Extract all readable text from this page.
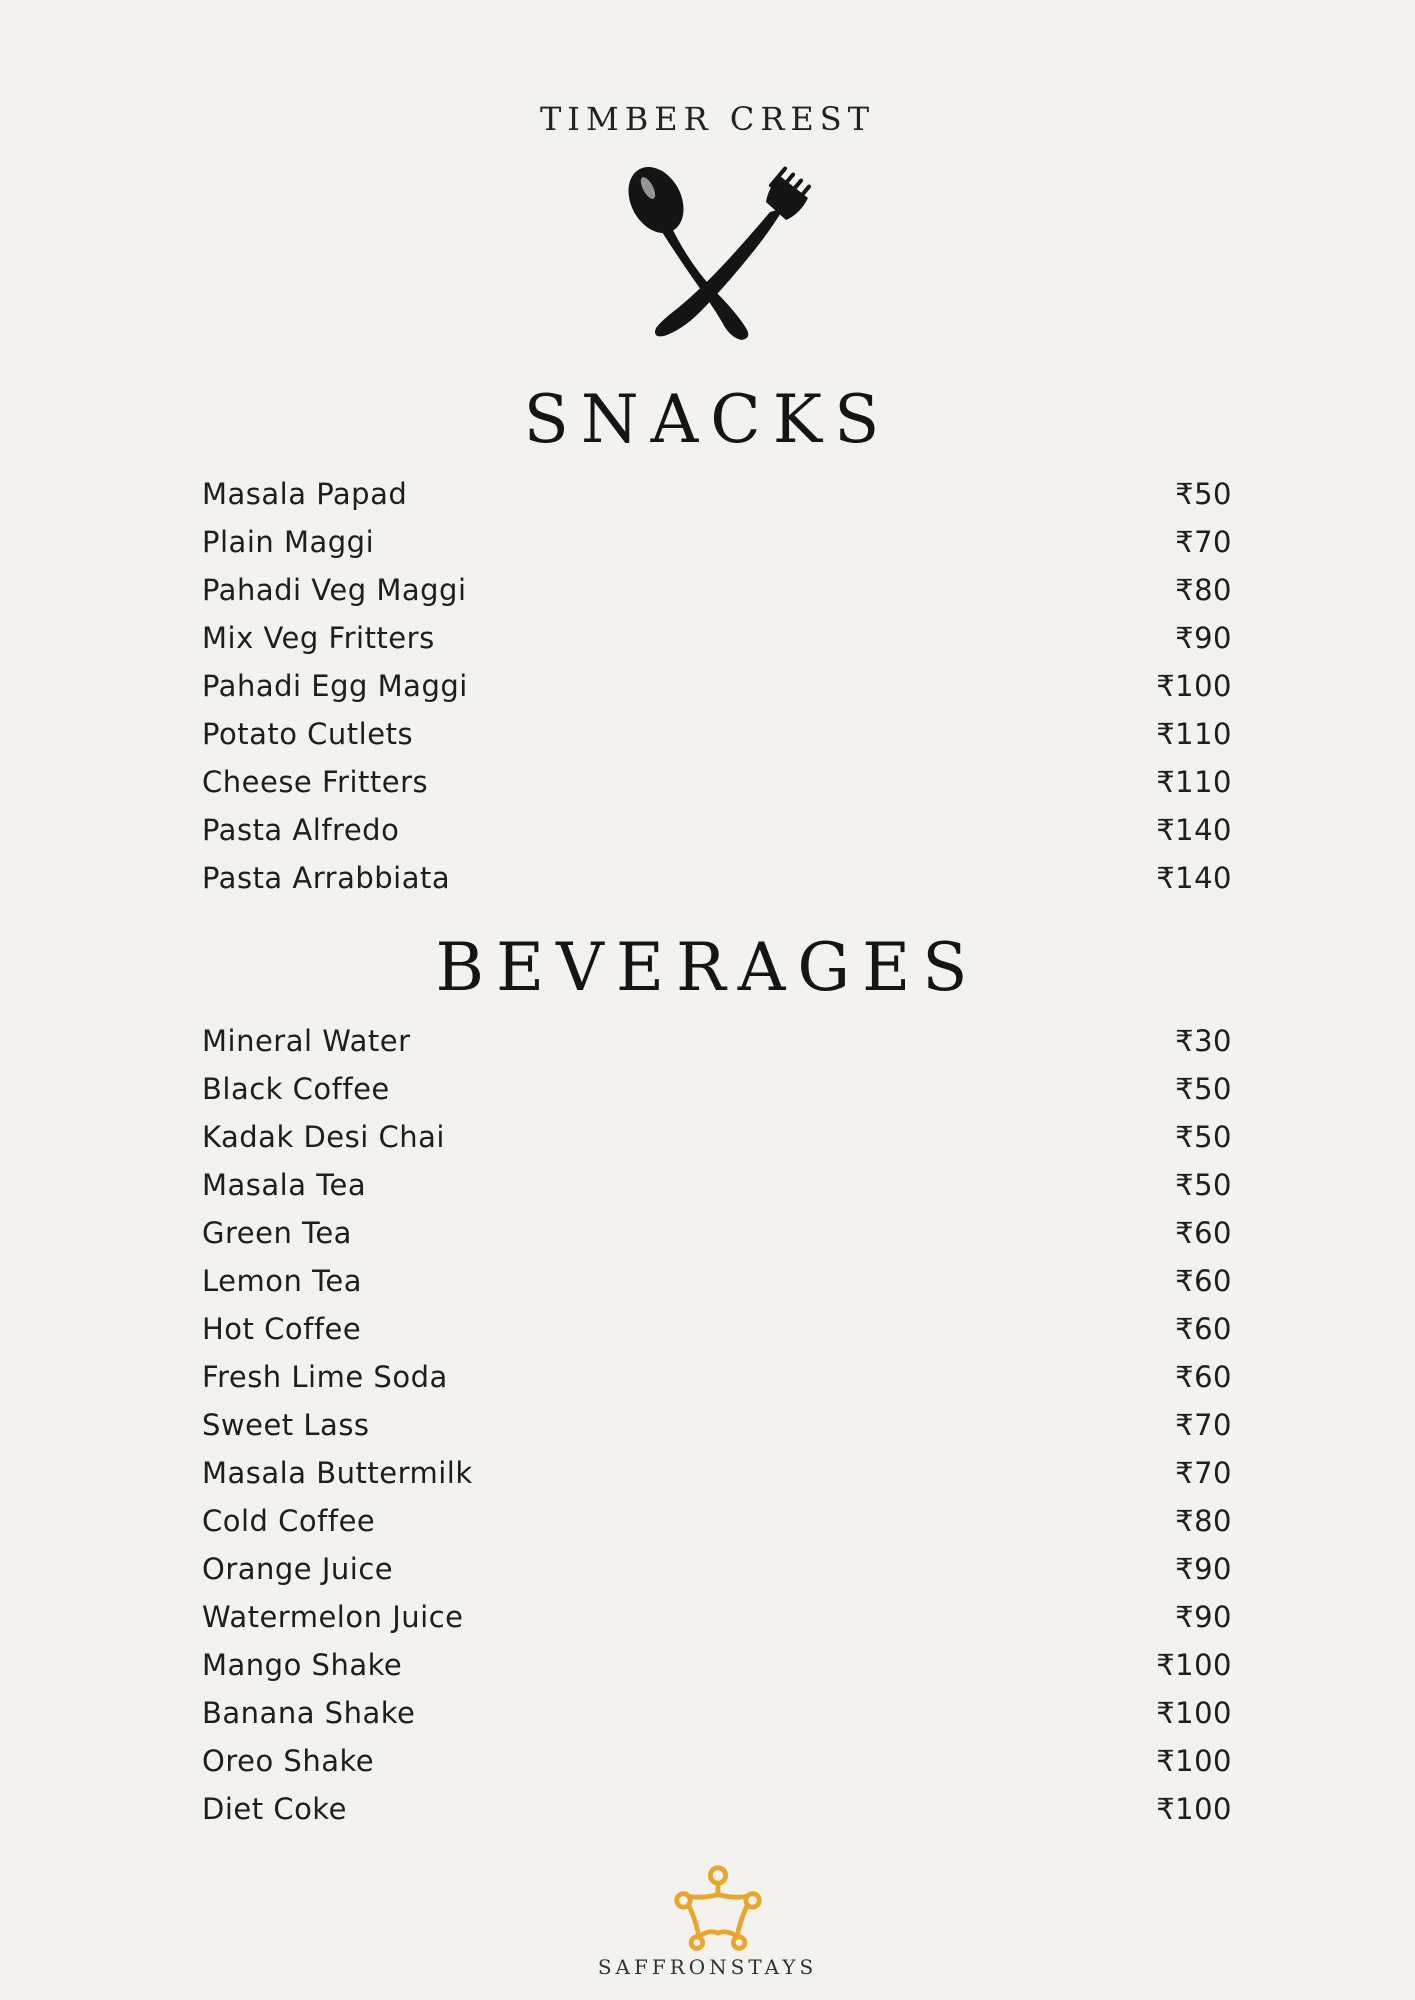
TIMBER CREST
SNACKS
Masala Papad	₹50
Plain Maggi	₹70
Pahadi Veg Maggi	₹80
Mix Veg Fritters	₹90
Pahadi Egg Maggi	₹100
Potato Cutlets	₹110
Cheese Fritters	₹110
Pasta Alfredo	₹140
Pasta Arrabbiata	₹140
BEVERAGES
Mineral Water	₹30
Black Coffee	₹50
Kadak Desi Chai	₹50
Masala Tea	₹50
Green Tea	₹60
Lemon Tea	₹60
Hot Coffee	₹60
Fresh Lime Soda	₹60
Sweet Lass	₹70
Masala Buttermilk	₹70
Cold Coffee	₹80
Orange Juice	₹90
Watermelon Juice	₹90
Mango Shake	₹100
Banana Shake	₹100
Oreo Shake	₹100
Diet Coke	₹100
SAFFRONSTAYS
